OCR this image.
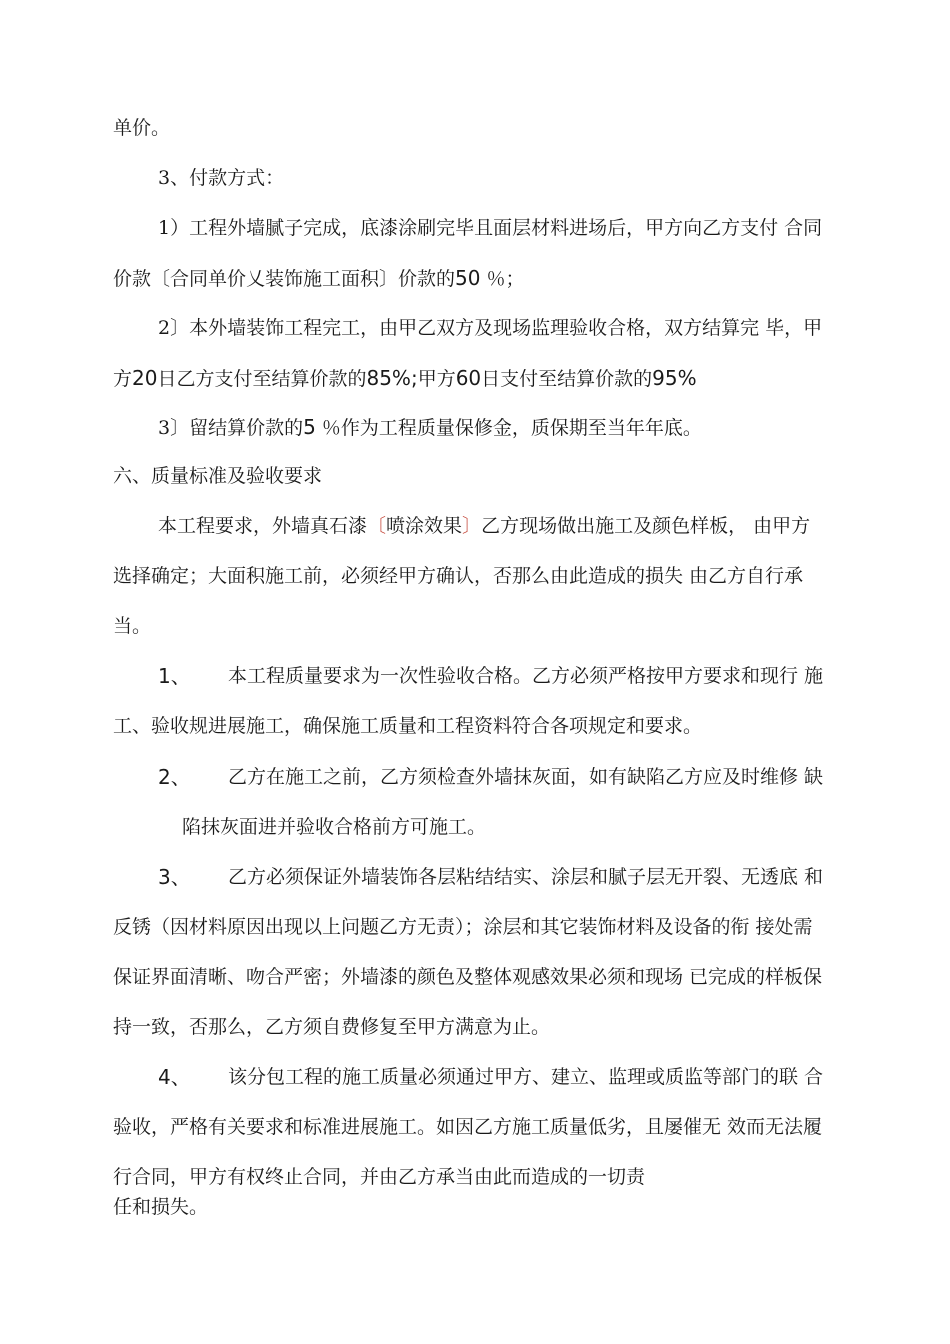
单价。
3、付款方式：
1）工程外墙腻子完成，底漆涂刷完毕且面层材料进场后，甲方向乙方支付 合同
价款〔合同单价乂装饰施工面积〕价款的50 ％；
2〕本外墙装饰工程完工，由甲乙双方及现场监理验收合格，双方结算完 毕，甲
方20日乙方支付至结算价款的85%;甲方60日支付至结算价款的95%
3〕留结算价款的5 ％作为工程质量保修金，质保期至当年年底。
六、质量标准及验收要求
本工程要求，外墙真石漆〔喷涂效果〕乙方现场做出施工及颜色样板， 由甲方
选择确定；大面积施工前，必须经甲方确认，否那么由此造成的损失 由乙方自行承
当。
1、	本工程质量要求为一次性验收合格。乙方必须严格按甲方要求和现行 施
工、验收规进展施工，确保施工质量和工程资料符合各项规定和要求。
2、	乙方在施工之前，乙方须检查外墙抹灰面，如有缺陷乙方应及时维修 缺
陷抹灰面进并验收合格前方可施工。
3、	乙方必须保证外墙装饰各层粘结结实、涂层和腻子层无开裂、无透底 和
反锈（因材料原因出现以上问题乙方无责）；涂层和其它装饰材料及设备的衔 接处需
保证界面清晰、吻合严密；外墙漆的颜色及整体观感效果必须和现场 已完成的样板保
持一致，否那么，乙方须自费修复至甲方满意为止。
4、	该分包工程的施工质量必须通过甲方、建立、监理或质监等部门的联 合
验收，严格有关要求和标准进展施工。如因乙方施工质量低劣，且屡催无 效而无法履
行合同，甲方有权终止合同，并由乙方承当由此而造成的一切责
任和损失。
